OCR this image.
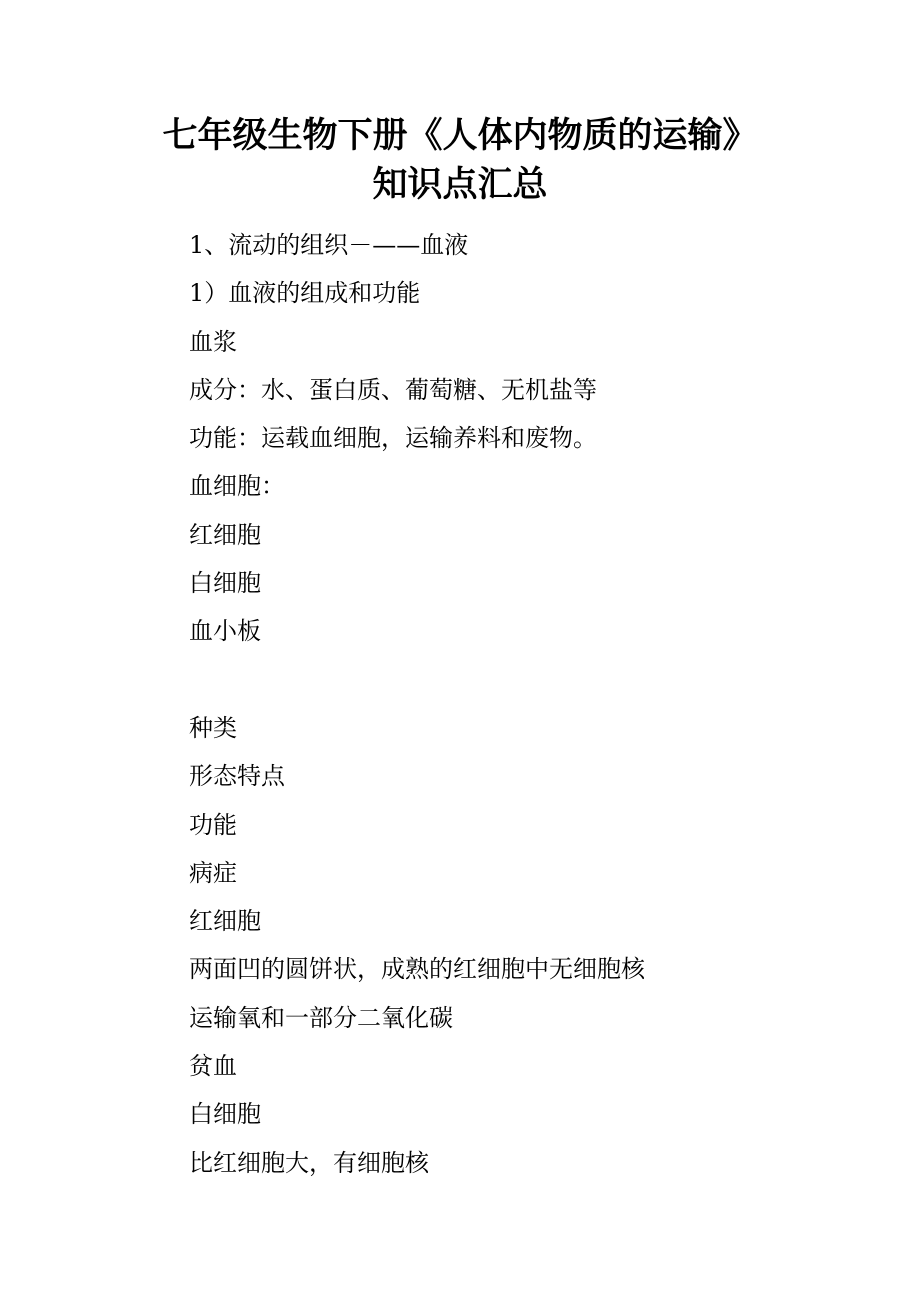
七年级生物下册《人体内物质的运输》
知识点汇总
1、流动的组织－——血液
1）血液的组成和功能
血浆
成分：水、蛋白质、葡萄糖、无机盐等
功能：运载血细胞，运输养料和废物。
血细胞：
红细胞
白细胞
血小板
种类
形态特点
功能
病症
红细胞
两面凹的圆饼状，成熟的红细胞中无细胞核
运输氧和一部分二氧化碳
贫血
白细胞
比红细胞大，有细胞核
